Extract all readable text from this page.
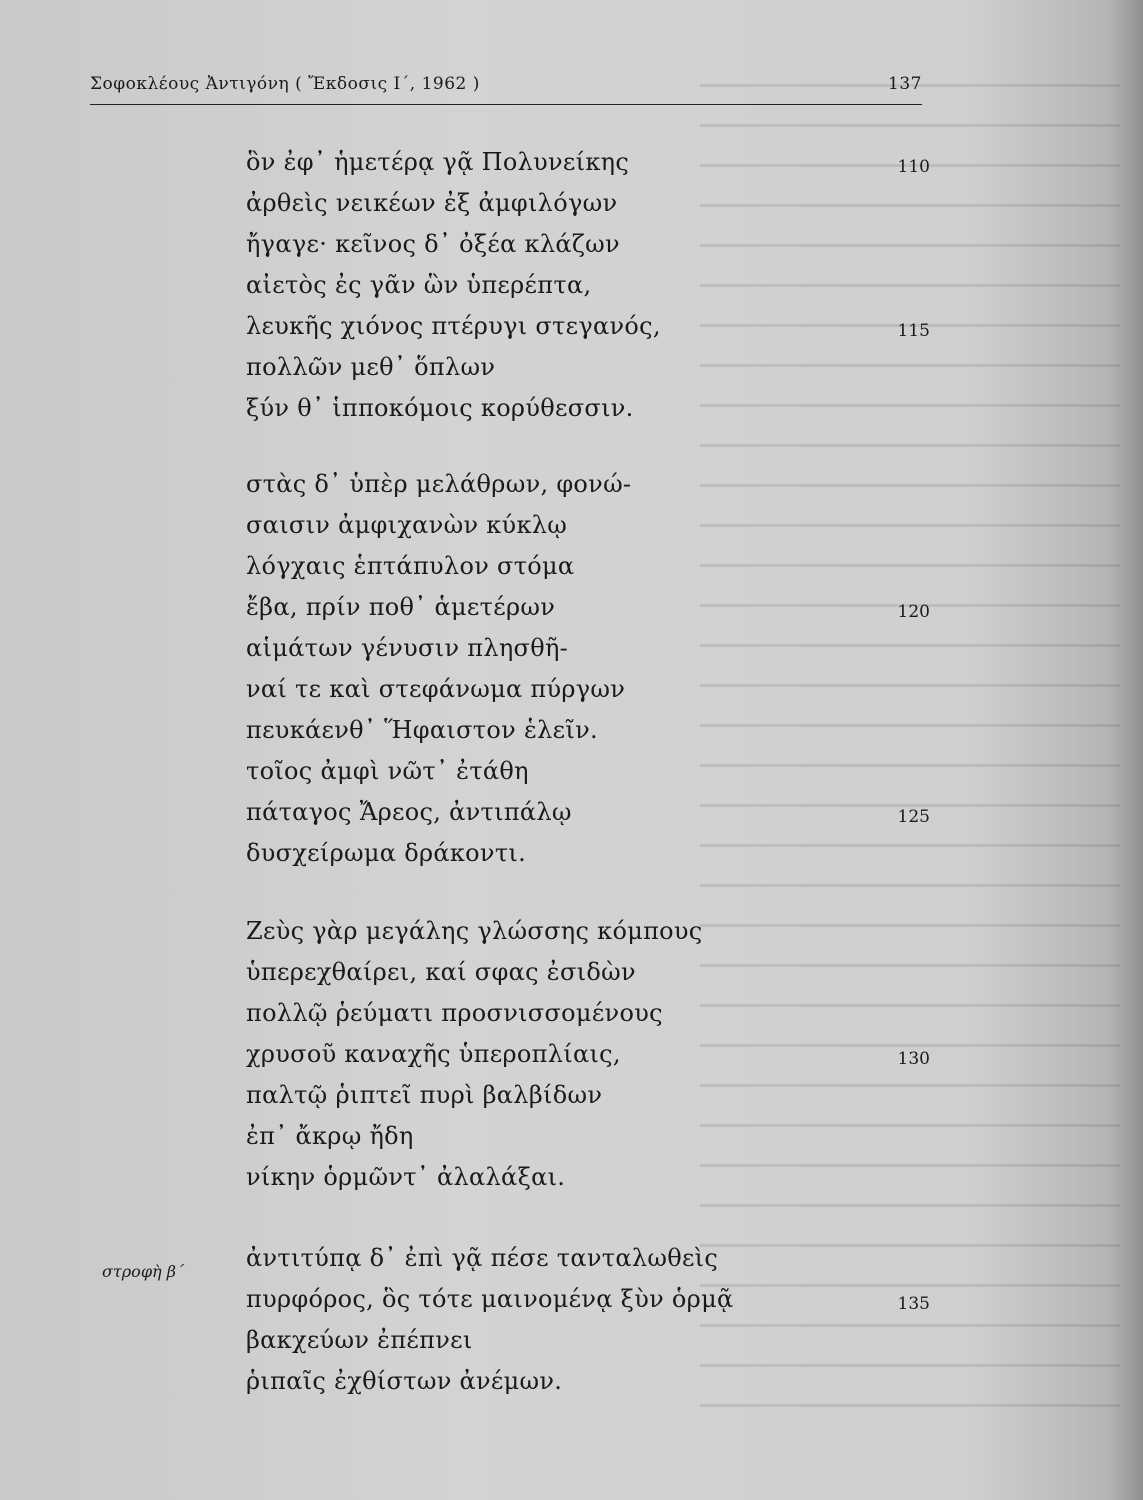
Σοφοκλέους Ἀντιγόνη ( Ἔκδοσις Ι΄, 1962 )	137
ὃν ἐφ᾽ ἡμετέρᾳ γᾷ Πολυνείκης
ἀρθεὶς νεικέων ἐξ ἀμφιλόγων
ἤγαγε· κεῖνος δ᾽ ὀξέα κλάζων
αἰετὸς ἐς γᾶν ὣν ὑπερέπτα,
λευκῆς χιόνος πτέρυγι στεγανός,
πολλῶν μεθ᾽ ὅπλων
ξύν θ᾽ ἱπποκόμοις κορύθεσσιν.
στὰς δ᾽ ὑπὲρ μελάθρων, φονώ-
σαισιν ἀμφιχανὼν κύκλῳ
λόγχαις ἑπτάπυλον στόμα
ἔβα, πρίν ποθ᾽ ἁμετέρων
αἱμάτων γένυσιν πλησθῆ-
ναί τε καὶ στεφάνωμα πύργων
πευκάενθ᾽ Ἥφαιστον ἑλεῖν.
τοῖος ἀμφὶ νῶτ᾽ ἐτάθη
πάταγος Ἄρεος, ἀντιπάλῳ
δυσχείρωμα δράκοντι.
Ζεὺς γὰρ μεγάλης γλώσσης κόμπους
ὑπερεχθαίρει, καί σφας ἐσιδὼν
πολλῷ ῥεύματι προσνισσομένους
χρυσοῦ καναχῆς ὑπεροπλίαις,
παλτῷ ῥιπτεῖ πυρὶ βαλβίδων
ἐπ᾽ ἄκρῳ ἤδη
νίκην ὁρμῶντ᾽ ἀλαλάξαι.
στροφὴ β΄	ἀντιτύπᾳ δ᾽ ἐπὶ γᾷ πέσε τανταλωθεὶς
πυρφόρος, ὃς τότε μαινομένᾳ ξὺν ὁρμᾷ
βακχεύων ἐπέπνει
ῥιπαῖς ἐχθίστων ἀνέμων.
110
115
120
125
130
135
